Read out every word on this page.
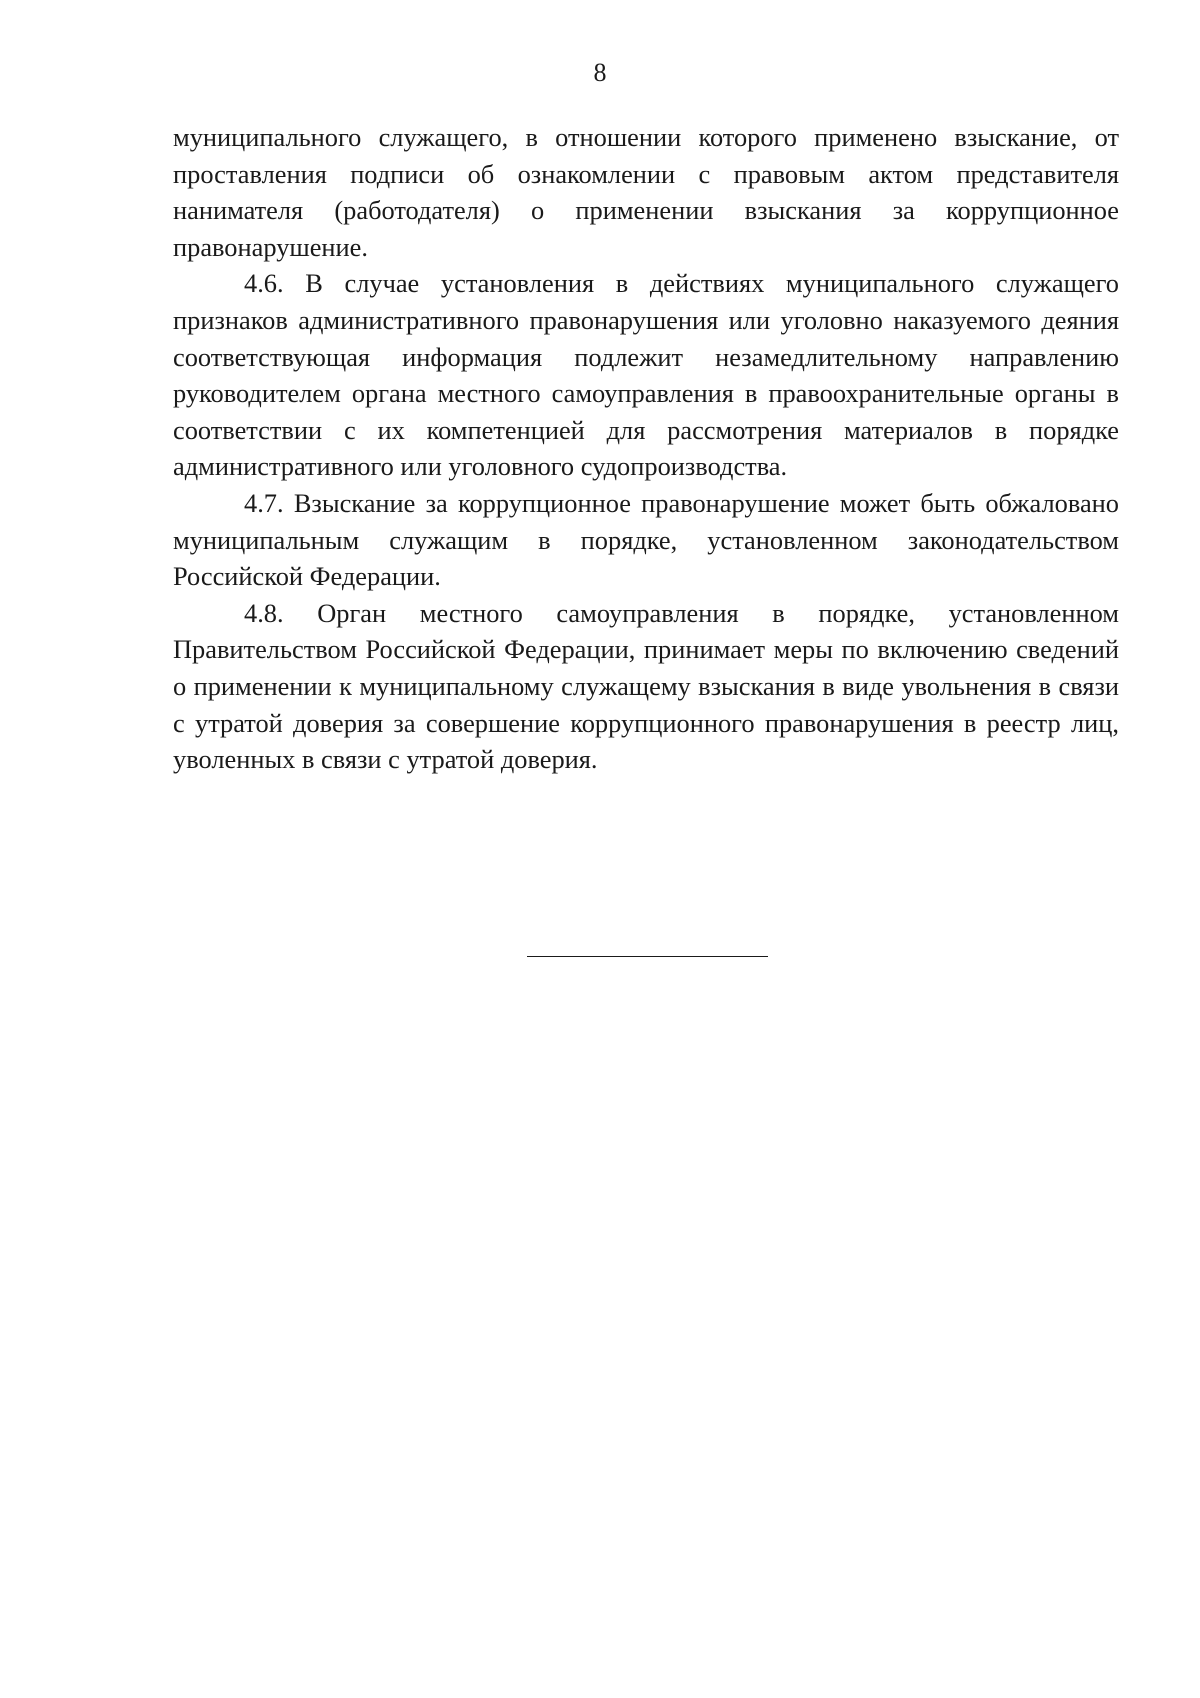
8

муниципального служащего, в отношении которого применено взыскание, от проставления подписи об ознакомлении с правовым актом представителя нанимателя (работодателя) о применении взыскания за коррупционное правонарушение.

4.6. В случае установления в действиях муниципального служащего признаков административного правонарушения или уголовно наказуемого деяния соответствующая информация подлежит незамедлительному направлению руководителем органа местного самоуправления в правоохранительные органы в соответствии с их компетенцией для рассмотрения материалов в порядке административного или уголовного судопроизводства.

4.7. Взыскание за коррупционное правонарушение может быть обжаловано муниципальным служащим в порядке, установленном законодательством Российской Федерации.

4.8. Орган местного самоуправления в порядке, установленном Правительством Российской Федерации, принимает меры по включению сведений о применении к муниципальному служащему взыскания в виде увольнения в связи с утратой доверия за совершение коррупционного правонарушения в реестр лиц, уволенных в связи с утратой доверия.
